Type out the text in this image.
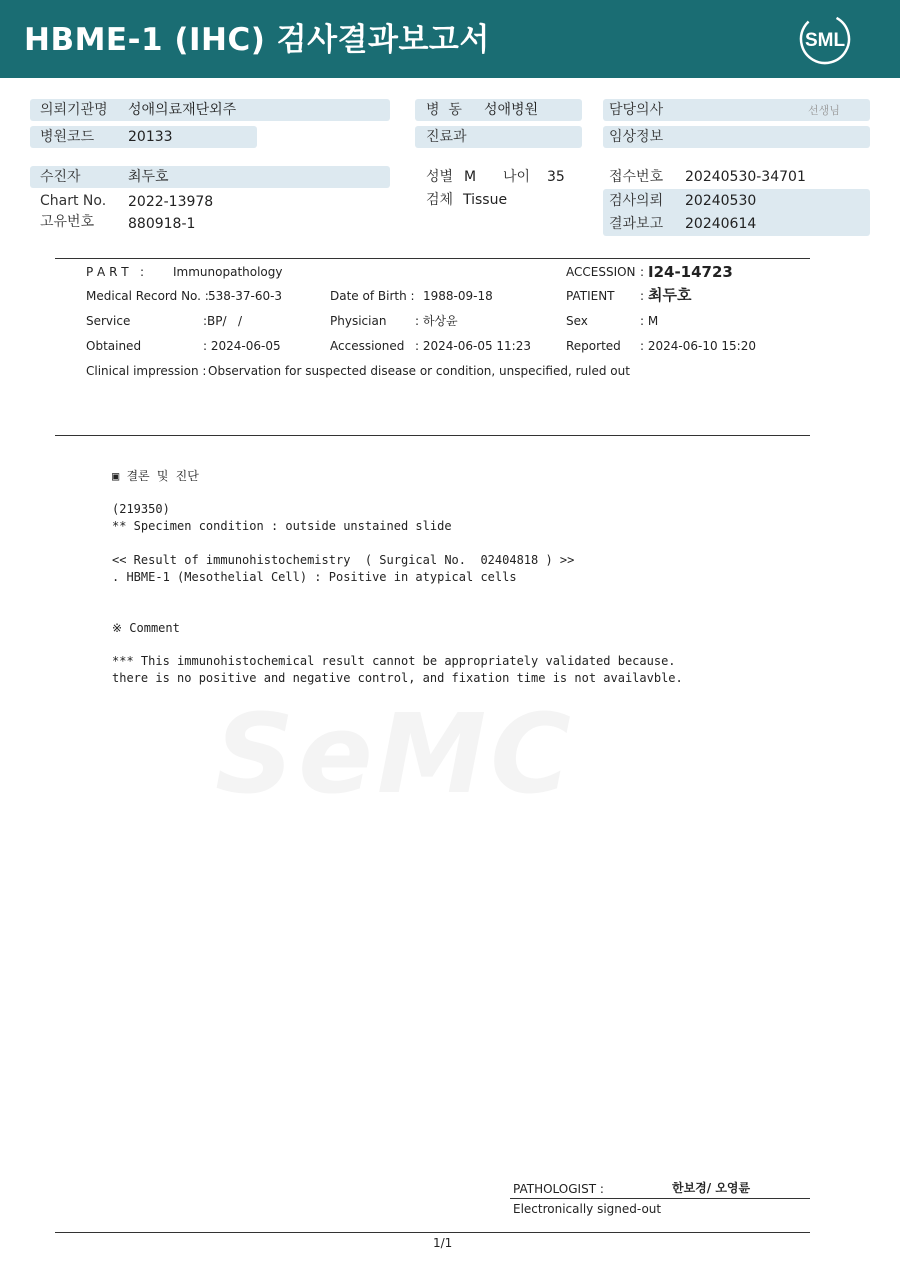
HBME-1 (IHC) 검사결과보고서	SML
의뢰기관명 성애의료재단외주
병원코드 20133
병  동 성애병원
진료과
담당의사	선생님
임상정보
수진자	최두호
Chart No. 2022-13978
고유번호 880918-1
성별 M 나이 35
검체 Tissue
접수번호 20240530-34701
검사의뢰 20240530
결과보고 20240614
P A R T   : Immunopathology	ACCESSION : I24-14723
Medical Record No. : 538-37-60-3	Date of Birth : 1988-09-18	PATIENT : 최두호
Service	:BP/   /	Physician : 하상윤	Sex	: M
Obtained	: 2024-06-05	Accessioned : 2024-06-05 11:23	Reported : 2024-06-10 15:20
Clinical impression : Observation for suspected disease or condition, unspecified, ruled out
SeMC
▣ 결론 및 진단
(219350)
** Specimen condition : outside unstained slide
<< Result of immunohistochemistry  ( Surgical No.  02404818 ) >>
. HBME-1 (Mesothelial Cell) : Positive in atypical cells
※ Comment
*** This immunohistochemical result cannot be appropriately validated because.
there is no positive and negative control, and fixation time is not availavble.
PATHOLOGIST :	한보경/ 오영륜
Electronically signed-out
1/1
